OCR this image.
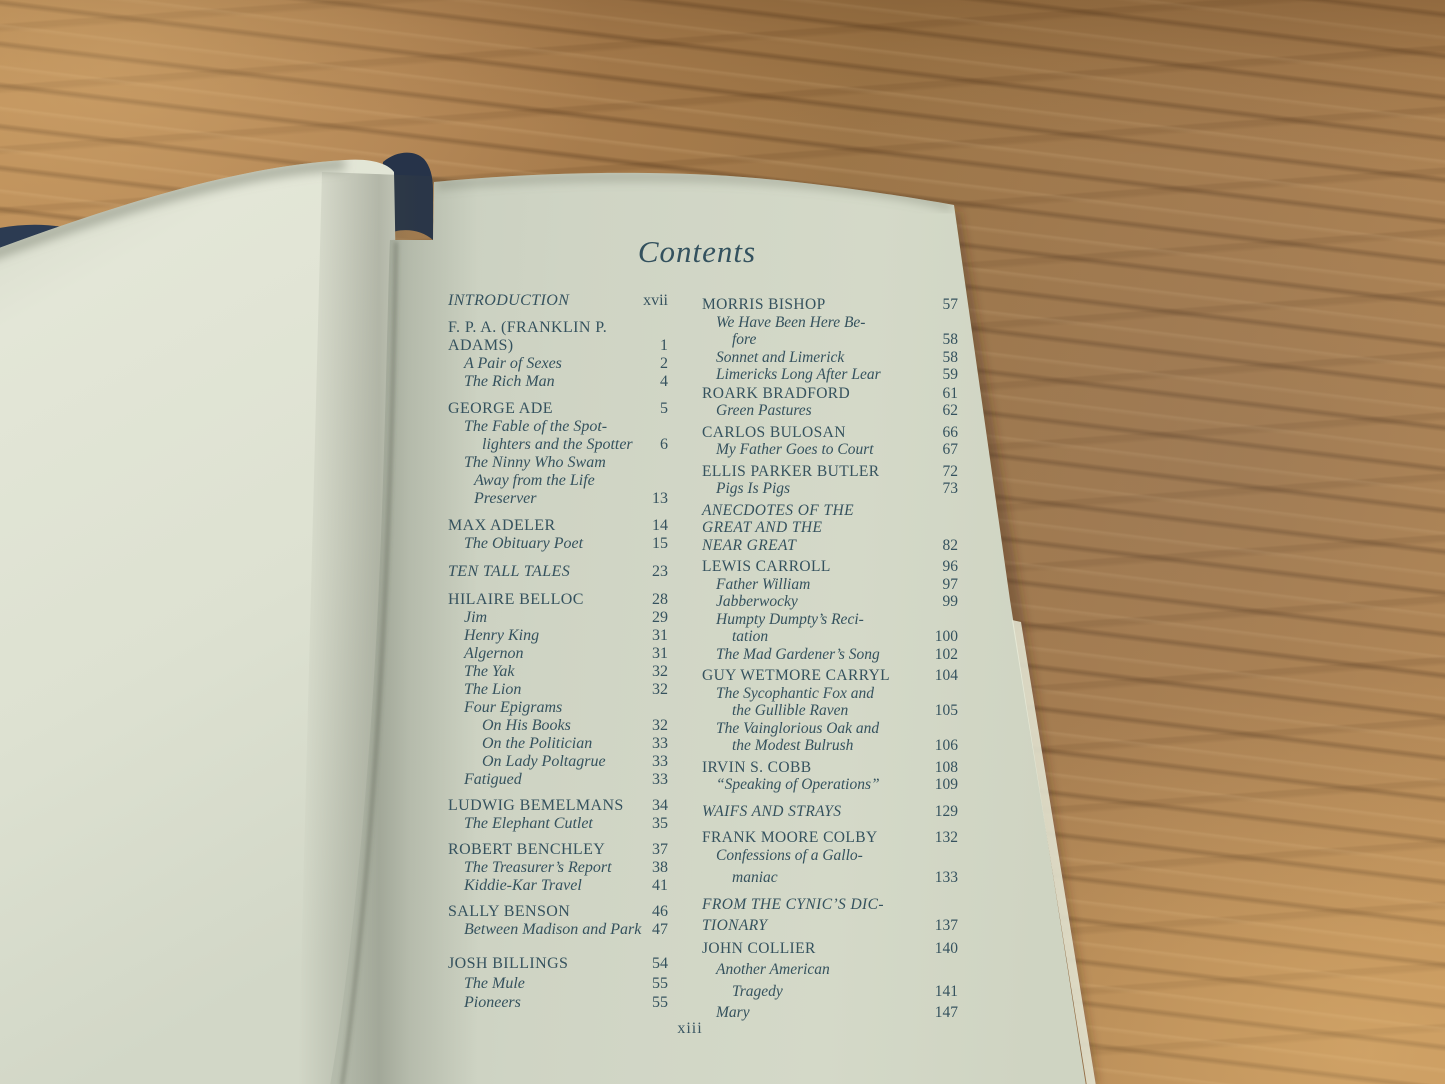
Contents
INTRODUCTION	xvii
F. P. A. (FRANKLIN P.
ADAMS)	1
A Pair of Sexes	2
The Rich Man	4
GEORGE ADE	5
The Fable of the Spot-
lighters and the Spotter	6
The Ninny Who Swam
Away from the Life
Preserver	13
MAX ADELER	14
The Obituary Poet	15
TEN TALL TALES	23
HILAIRE BELLOC	28
Jim	29
Henry King	31
Algernon	31
The Yak	32
The Lion	32
Four Epigrams
On His Books	32
On the Politician	33
On Lady Poltagrue	33
Fatigued	33
LUDWIG BEMELMANS	34
The Elephant Cutlet	35
ROBERT BENCHLEY	37
The Treasurer’s Report	38
Kiddie-Kar Travel	41
SALLY BENSON	46
Between Madison and Park 47
JOSH BILLINGS	54
The Mule	55
Pioneers	55
MORRIS BISHOP	57
We Have Been Here Be-
fore	58
Sonnet and Limerick	58
Limericks Long After Lear	59
ROARK BRADFORD	61
Green Pastures	62
CARLOS BULOSAN	66
My Father Goes to Court	67
ELLIS PARKER BUTLER	72
Pigs Is Pigs	73
ANECDOTES OF THE
GREAT AND THE
NEAR GREAT	82
LEWIS CARROLL	96
Father William	97
Jabberwocky	99
Humpty Dumpty’s Reci-
tation	100
The Mad Gardener’s Song	102
GUY WETMORE CARRYL	104
The Sycophantic Fox and
the Gullible Raven	105
The Vainglorious Oak and
the Modest Bulrush	106
IRVIN S. COBB	108
“Speaking of Operations”	109
WAIFS AND STRAYS	129
FRANK MOORE COLBY	132
Confessions of a Gallo-
maniac	133
FROM THE CYNIC’S DIC-
TIONARY	137
JOHN COLLIER	140
Another American
Tragedy	141
Mary	147
xiii
